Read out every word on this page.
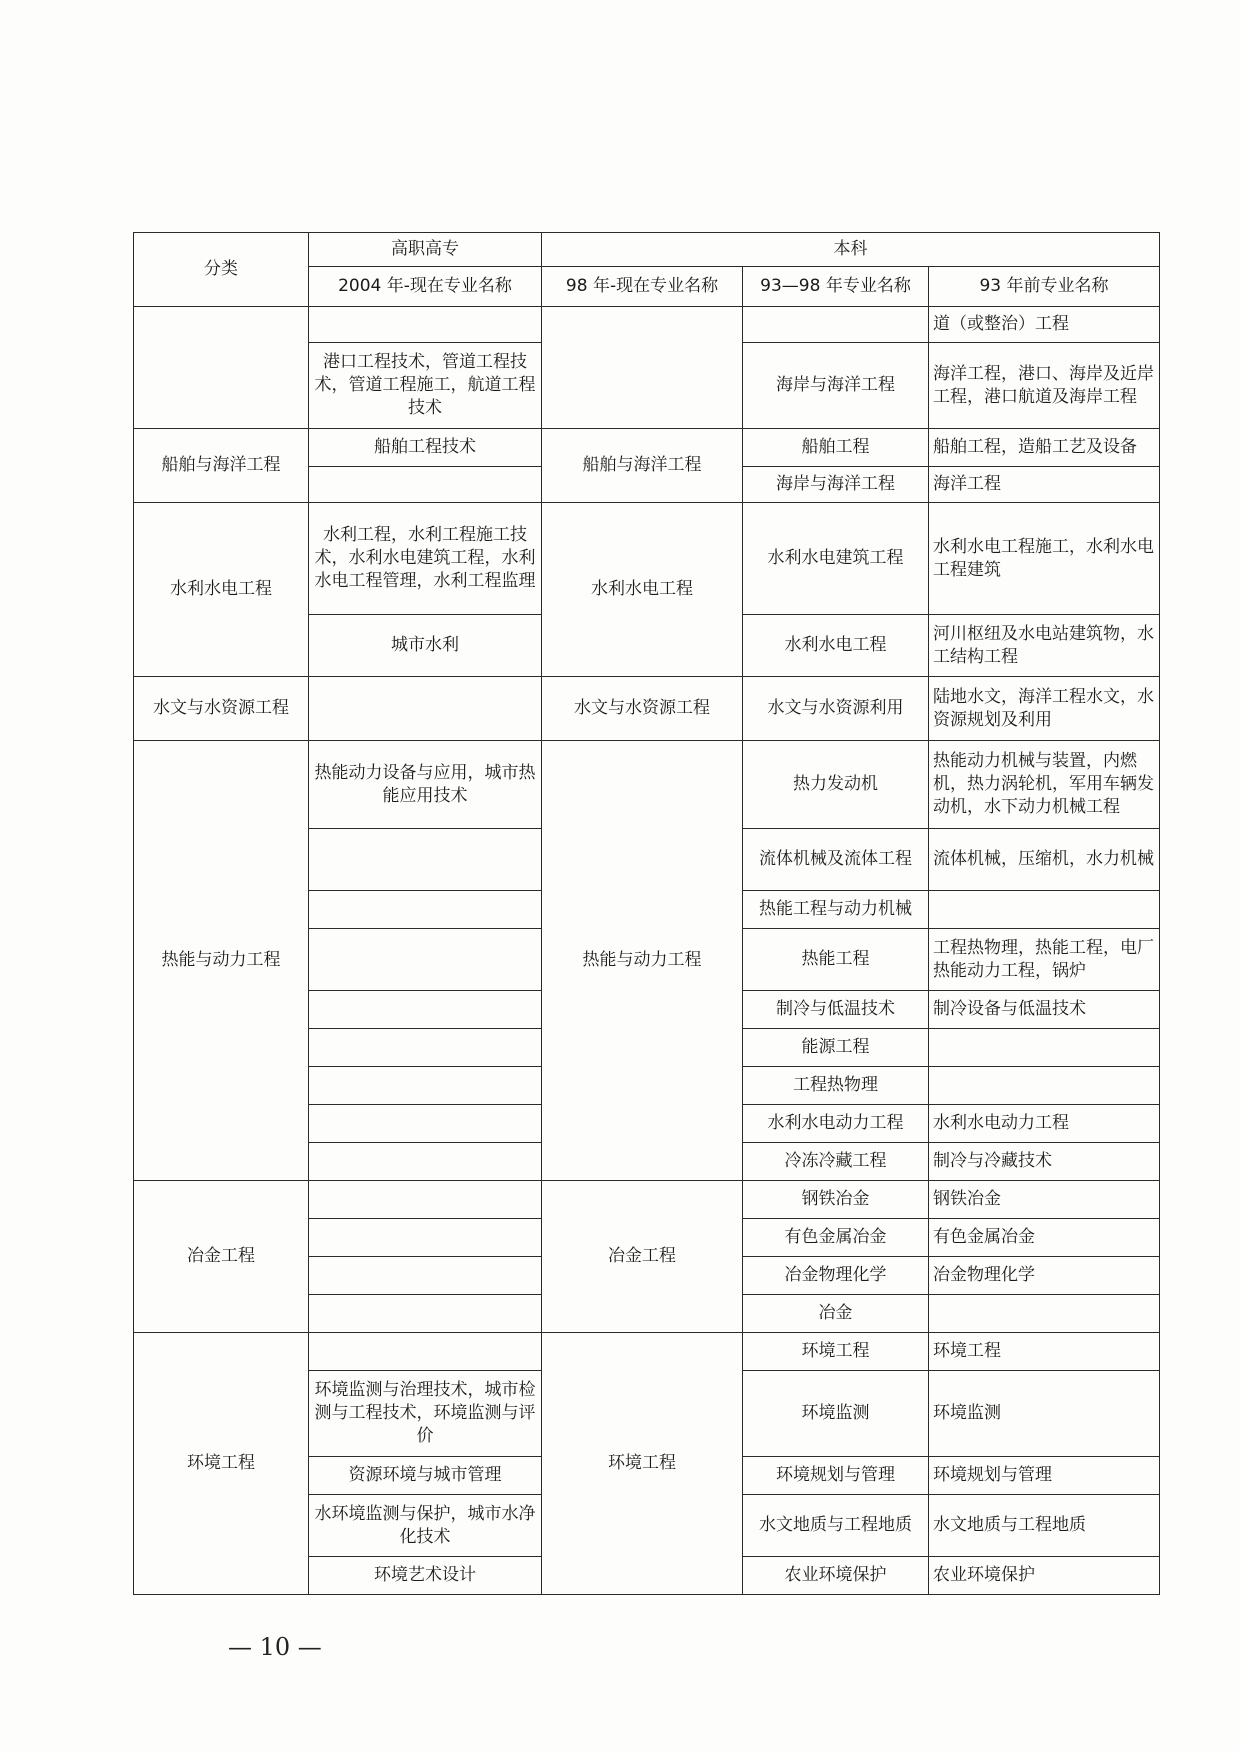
分类	高职高专	本科		
	2004 年-现在专业名称	98 年-现在专业名称	93—98 年专业名称	93 年前专业名称
				道（或整治）工程
	港口工程技术，管道工程技术，管道工程施工，航道工程技术		海岸与海洋工程	海洋工程，港口、海岸及近岸工程，港口航道及海岸工程
船舶与海洋工程	船舶工程技术	船舶与海洋工程	船舶工程	船舶工程，造船工艺及设备
			海岸与海洋工程	海洋工程
水利水电工程	水利工程，水利工程施工技术，水利水电建筑工程，水利水电工程管理，水利工程监理	水利水电工程	水利水电建筑工程	水利水电工程施工，水利水电工程建筑
	城市水利		水利水电工程	河川枢纽及水电站建筑物，水工结构工程
水文与水资源工程		水文与水资源工程	水文与水资源利用	陆地水文，海洋工程水文，水资源规划及利用
热能与动力工程	热能动力设备与应用，城市热能应用技术	热能与动力工程	热力发动机	热能动力机械与装置，内燃机，热力涡轮机，军用车辆发动机，水下动力机械工程
			流体机械及流体工程	流体机械，压缩机，水力机械
			热能工程与动力机械	
			热能工程	工程热物理，热能工程，电厂热能动力工程，锅炉
			制冷与低温技术	制冷设备与低温技术
			能源工程	
			工程热物理	
			水利水电动力工程	水利水电动力工程
			冷冻冷藏工程	制冷与冷藏技术
冶金工程		冶金工程	钢铁冶金	钢铁冶金
			有色金属冶金	有色金属冶金
			冶金物理化学	冶金物理化学
			冶金	
环境工程		环境工程	环境工程	环境工程
	环境监测与治理技术，城市检测与工程技术，环境监测与评价		环境监测	环境监测
	资源环境与城市管理		环境规划与管理	环境规划与管理
	水环境监测与保护，城市水净化技术		水文地质与工程地质	水文地质与工程地质
	环境艺术设计		农业环境保护	农业环境保护
— 10 —
